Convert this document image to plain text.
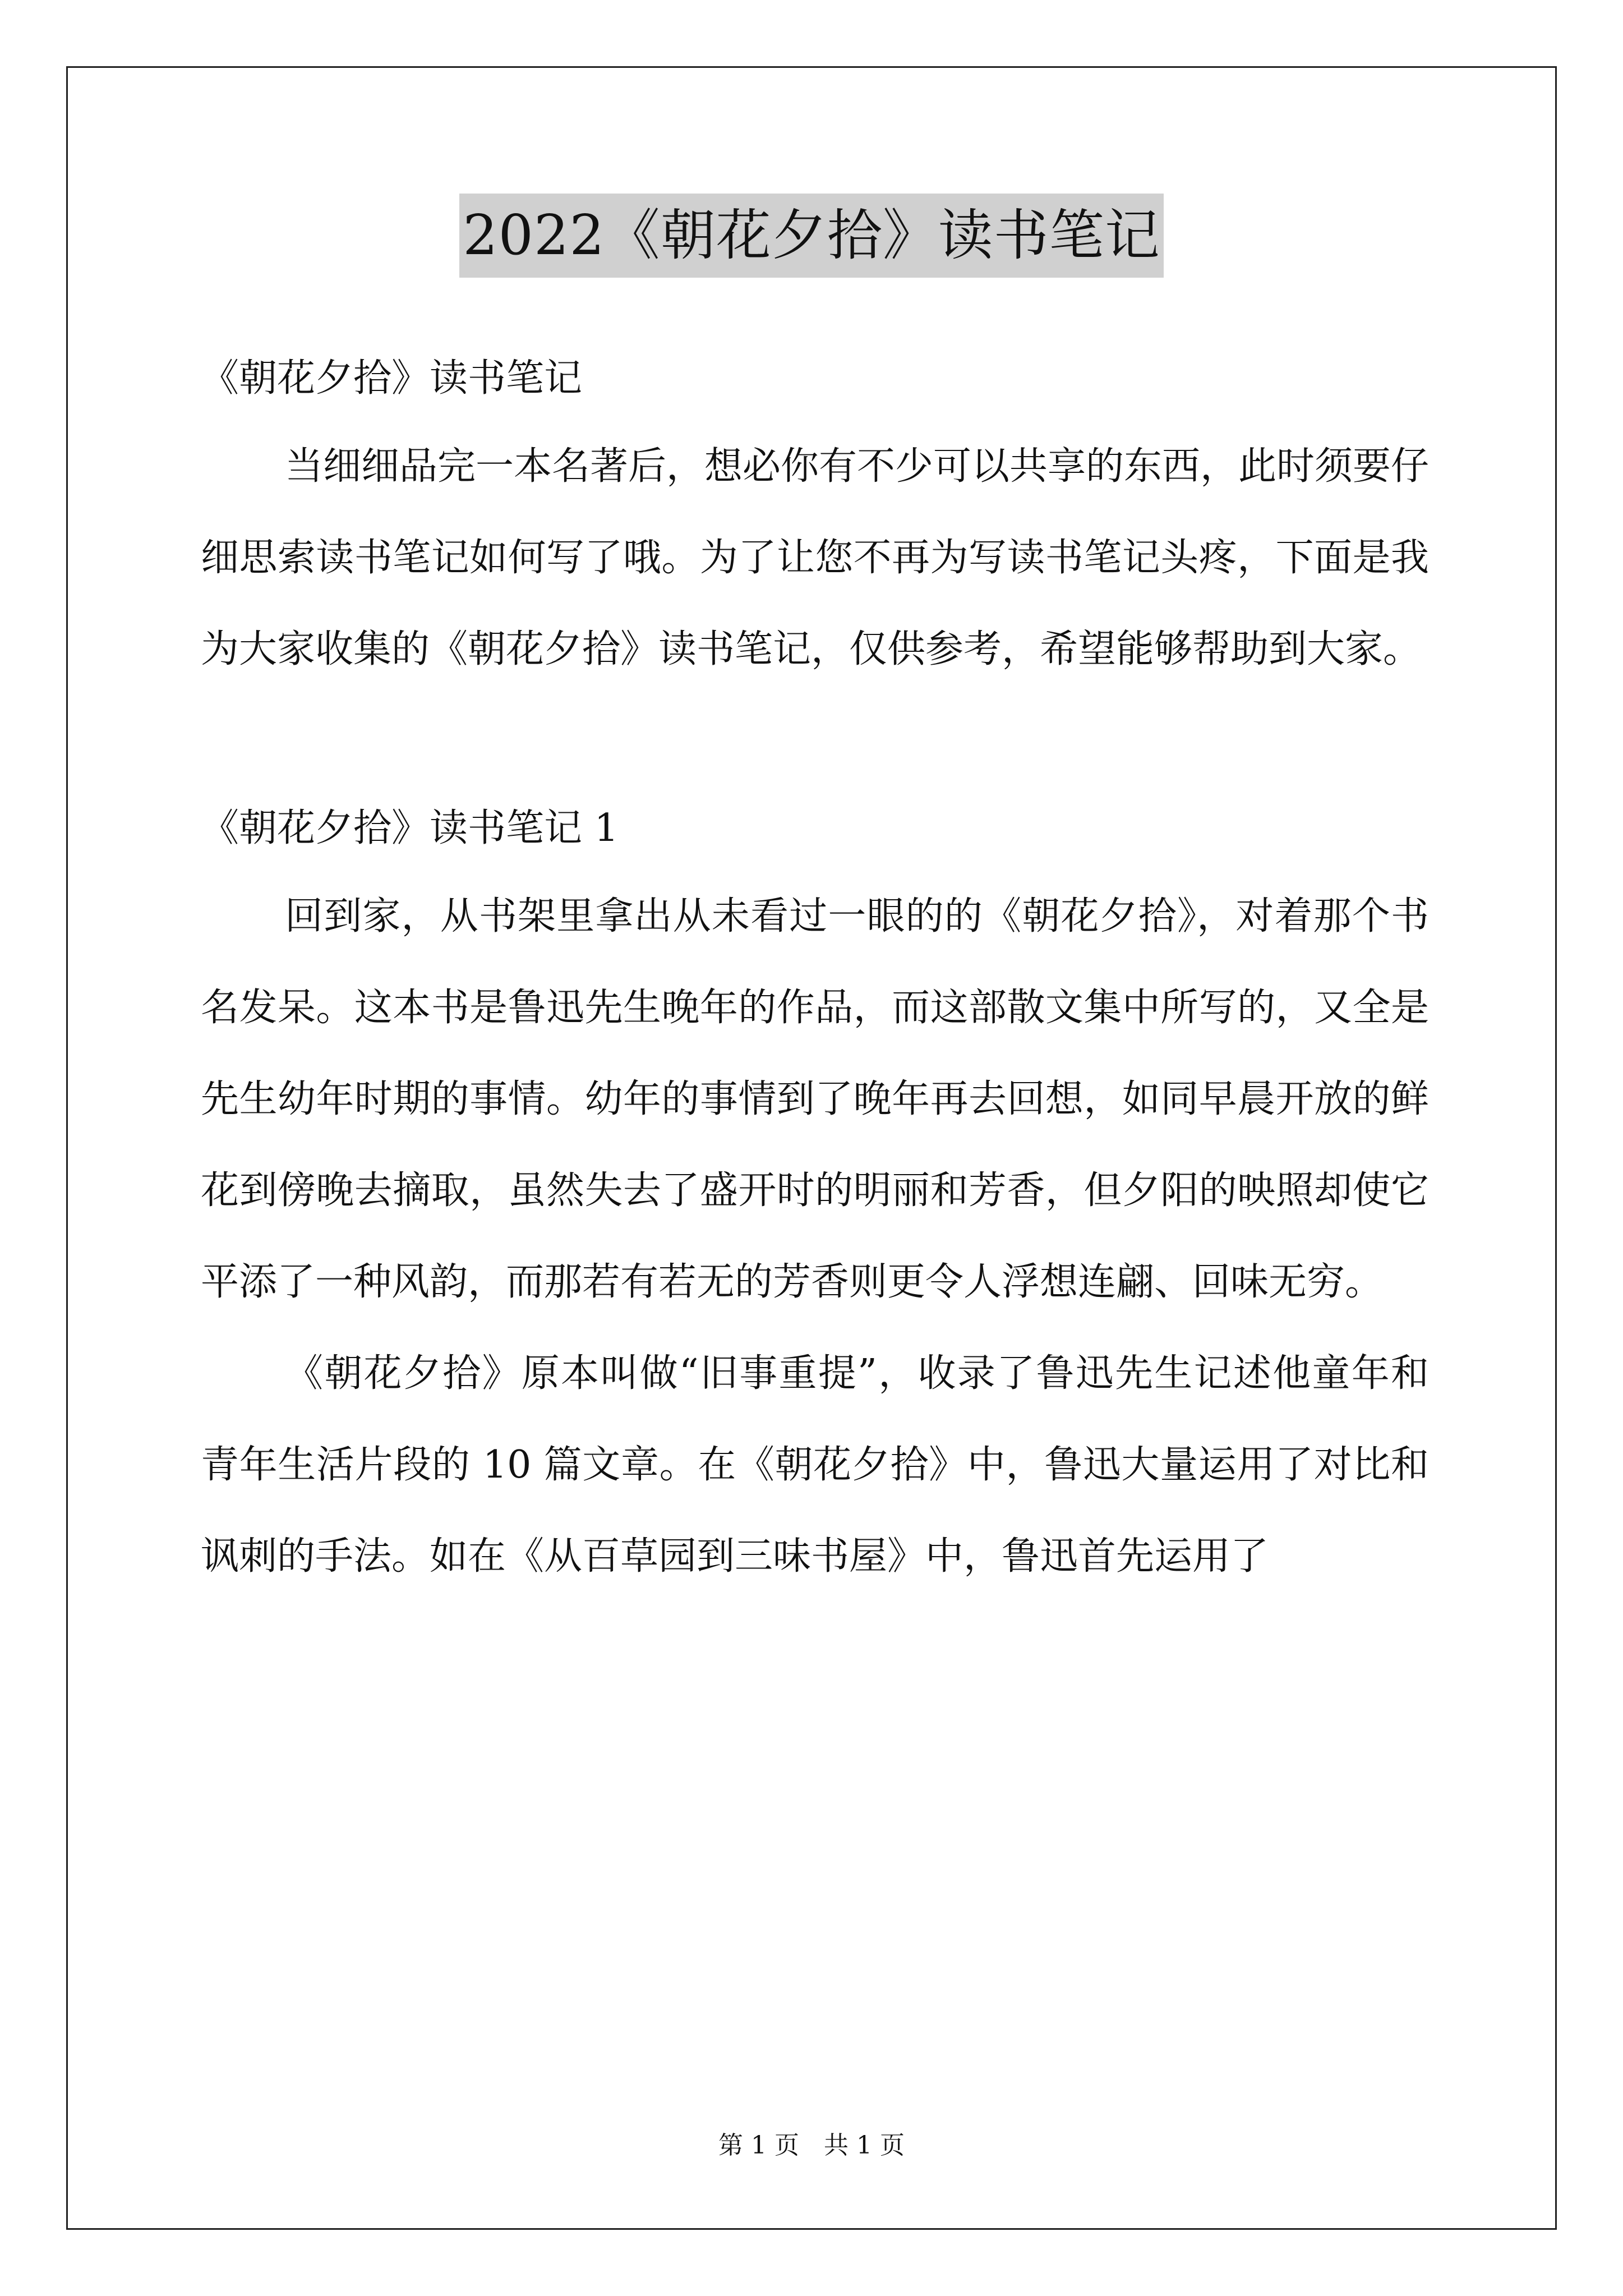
2022《朝花夕拾》读书笔记

《朝花夕拾》读书笔记

当细细品完一本名著后，想必你有不少可以共享的东西，此时须要仔细思索读书笔记如何写了哦。为了让您不再为写读书笔记头疼，下面是我为大家收集的《朝花夕拾》读书笔记，仅供参考，希望能够帮助到大家。

《朝花夕拾》读书笔记 1

回到家，从书架里拿出从未看过一眼的的《朝花夕拾》，对着那个书名发呆。这本书是鲁迅先生晚年的作品，而这部散文集中所写的，又全是先生幼年时期的事情。幼年的事情到了晚年再去回想，如同早晨开放的鲜花到傍晚去摘取，虽然失去了盛开时的明丽和芳香，但夕阳的映照却使它平添了一种风韵，而那若有若无的芳香则更令人浮想连翩、回味无穷。

《朝花夕拾》原本叫做“旧事重提”，收录了鲁迅先生记述他童年和青年生活片段的 10 篇文章。在《朝花夕拾》中，鲁迅大量运用了对比和讽刺的手法。如在《从百草园到三味书屋》中，鲁迅首先运用了

第 1 页　共 1 页
